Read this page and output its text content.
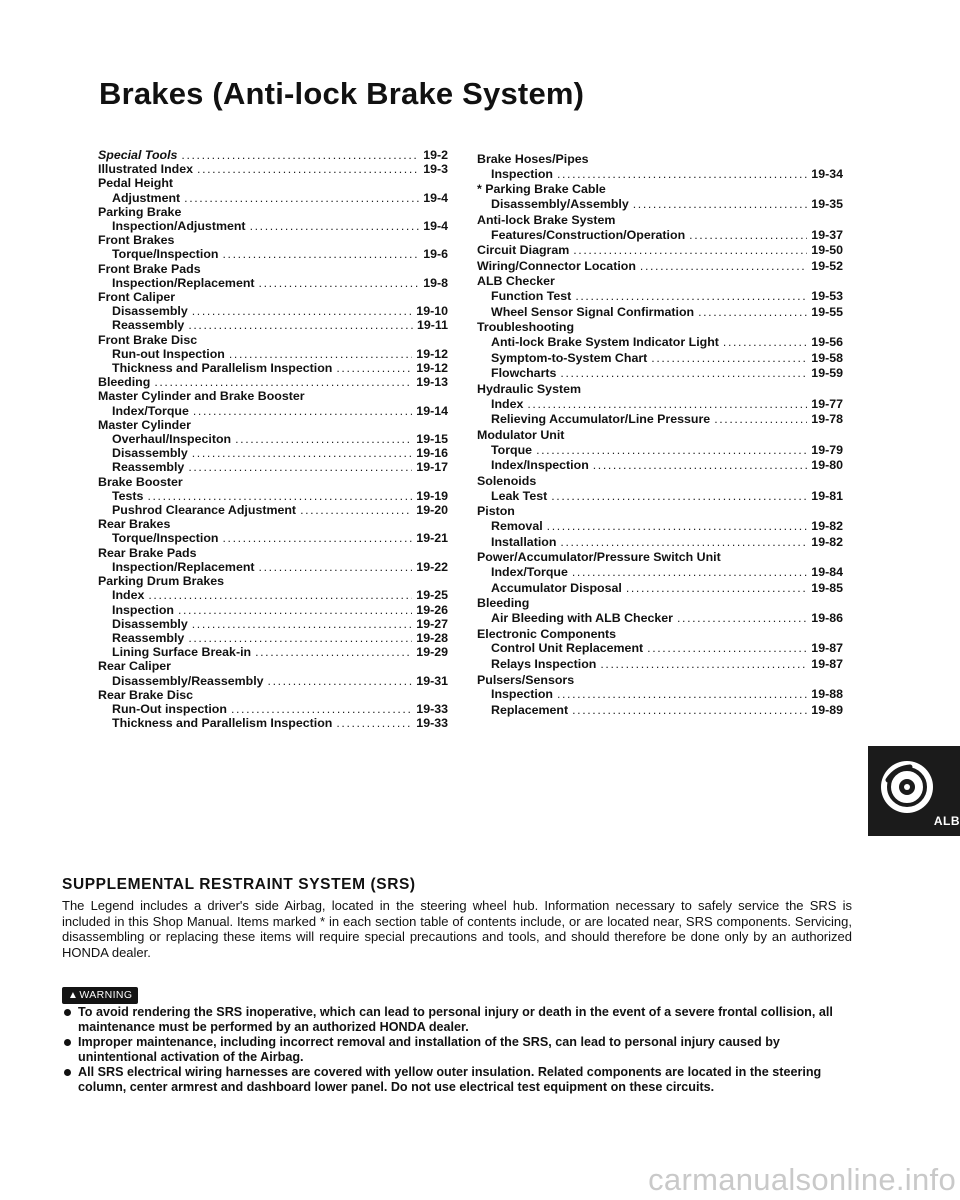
Brakes (Anti-lock Brake System)
Special Tools .....	19-2
Illustrated Index .....	19-3
Pedal Height
Adjustment .....	19-4
Parking Brake
Inspection/Adjustment .....	19-4
Front Brakes
Torque/Inspection .....	19-6
Front Brake Pads
Inspection/Replacement .....	19-8
Front Caliper
Disassembly .....	19-10
Reassembly .....	19-11
Front Brake Disc
Run-out Inspection .....	19-12
Thickness and Parallelism Inspection .....	19-12
Bleeding .....	19-13
Master Cylinder and Brake Booster
Index/Torque .....	19-14
Master Cylinder
Overhaul/Inspeciton .....	19-15
Disassembly .....	19-16
Reassembly .....	19-17
Brake Booster
Tests .....	19-19
Pushrod Clearance Adjustment .....	19-20
Rear Brakes
Torque/Inspection .....	19-21
Rear Brake Pads
Inspection/Replacement .....	19-22
Parking Drum Brakes
Index .....	19-25
Inspection .....	19-26
Disassembly .....	19-27
Reassembly .....	19-28
Lining Surface Break-in .....	19-29
Rear Caliper
Disassembly/Reassembly .....	19-31
Rear Brake Disc
Run-Out inspection .....	19-33
Thickness and Parallelism Inspection .....	19-33
Brake Hoses/Pipes
Inspection .....	19-34
* Parking Brake Cable
Disassembly/Assembly .....	19-35
Anti-lock Brake System
Features/Construction/Operation .....	19-37
Circuit Diagram .....	19-50
Wiring/Connector Location .....	19-52
ALB Checker
Function Test .....	19-53
Wheel Sensor Signal Confirmation .....	19-55
Troubleshooting
Anti-lock Brake System Indicator Light .....	19-56
Symptom-to-System Chart .....	19-58
Flowcharts .....	19-59
Hydraulic System
Index .....	19-77
Relieving Accumulator/Line Pressure .....	19-78
Modulator Unit
Torque .....	19-79
Index/Inspection .....	19-80
Solenoids
Leak Test .....	19-81
Piston
Removal .....	19-82
Installation .....	19-82
Power/Accumulator/Pressure Switch Unit
Index/Torque .....	19-84
Accumulator Disposal .....	19-85
Bleeding
Air Bleeding with ALB Checker .....	19-86
Electronic Components
Control Unit Replacement .....	19-87
Relays Inspection .....	19-87
Pulsers/Sensors
Inspection .....	19-88
Replacement .....	19-89
ALB
SUPPLEMENTAL RESTRAINT SYSTEM (SRS)

The Legend includes a driver's side Airbag, located in the steering wheel hub. Information necessary to safely service the SRS is included in this Shop Manual. Items marked * in each section table of contents include, or are located near, SRS components. Servicing, disassembling or replacing these items will require special precautions and tools, and should therefore be done only by an authorized HONDA dealer.

▲WARNING
To avoid rendering the SRS inoperative, which can lead to personal injury or death in the event of a severe frontal collision, all maintenance must be performed by an authorized HONDA dealer.
Improper maintenance, including incorrect removal and installation of the SRS, can lead to personal injury caused by unintentional activation of the Airbag.
All SRS electrical wiring harnesses are covered with yellow outer insulation. Related components are located in the steering column, center armrest and dashboard lower panel. Do not use electrical test equipment on these circuits.

carmanualsonline.info
